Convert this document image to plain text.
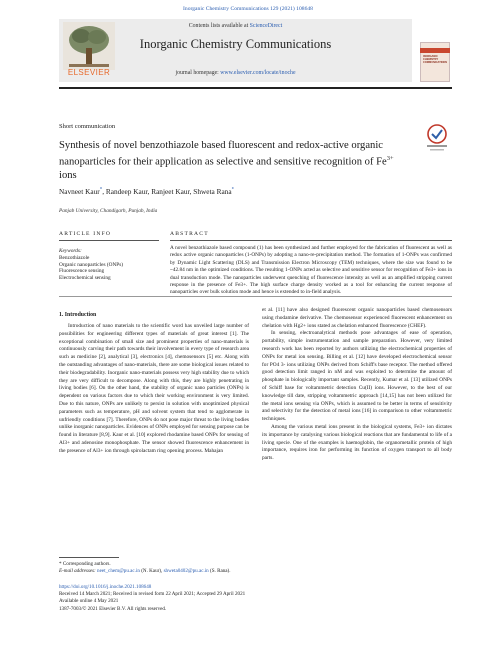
Inorganic Chemistry Communications 129 (2021) 108648
Contents lists available at ScienceDirect
Inorganic Chemistry Communications
journal homepage: www.elsevier.com/locate/inoche
ELSEVIER
INORGANIC CHEMISTRY COMMUNICATIONS
Short communication
Synthesis of novel benzothiazole based fluorescent and redox-active organic nanoparticles for their application as selective and sensitive recognition of $Fe^{3+}$ ions
Navneet Kaur*, Randeep Kaur, Ranjeet Kaur, Shweta Rana*
Panjab University, Chandigarh, Punjab, India
ARTICLE INFO	ABSTRACT
Keywords:
Benzothiazole
Organic nanoparticles (ONPs)
Fluorescence sensing
Electrochemical sensing
A novel benzothiazole based compound (1) has been synthesized and further employed for the fabrication of fluorescent as well as redox active organic nanoparticles (1-ONPs) by adopting a nano-re-precipitation method. The formation of 1-ONPs was confirmed by Dynamic Light Scattering (DLS) and Transmission Electron Microscopy (TEM) techniques, where the size was found to be ~42.84 nm in the optimized conditions. The resulting 1-ONPs acted as selective and sensitive sensor for recognition of Fe3+ ions in dual transduction mode. The nanoparticles underwent quenching of fluorescence intensity as well as an amplified stripping current response in the presence of Fe3+. The high surface charge density worked as a tool for enhancing the current response of nanoparticles over bulk solution mode and hence is extended to in-field analysis.
1. Introduction

Introduction of nano materials to the scientific word has unveiled large number of possibilities for engineering different types of materials of great interest [1]. The exceptional combination of small size and prominent properties of nano-materials is continuously carving their path towards their involvement in every type of research area such as medicine [2], analytical [3], electronics [4], chemosensors [5] etc. Along with the outstanding advantages of nano-materials, there are some biological issues related to their biodegradability. Inorganic nano-materials possess very high stability due to which they are very difficult to decompose. Along with this, they are highly penetrating in living bodies [6]. On the other hand, the stability of organic nano particles (ONPs) is dependent on various factors due to which their working environment is very limited. Due to this nature, ONPs are unlikely to persist in solution with unoptimized physical parameters such as temperature, pH and solvent system that tend to agglomerate in unfriendly conditions [7]. Therefore, ONPs do not pose major threat to the living bodies unlike inorganic nanoparticles. Evidences of ONPs employed for sensing purpose can be found in literature [8,9]. Kaur et al. [10] explored rhodamine based ONPs for sensing of Al3+ and adenosine monophosphate. The sensor showed fluorescence enhancement in the presence of Al3+ ion through spirolactam ring opening process. Mahajan

et al. [11] have also designed fluorescent organic nanoparticles based chemosensors using rhodamine derivative. The chemosensor experienced fluorescent enhancement on chelation with Hg2+ ions stated as chelation enhanced fluorescence (CHEF).

In sensing, electroanalytical methods pose advantages of ease of operation, portability, simple instrumentation and sample preparation. However, very limited research work has been reported by authors utilizing the electrochemical properties of ONPs for metal ion sensing. Billing et al. [12] have developed electrochemical sensor for PO4 3- ions utilizing ONPs derived from Schiff's base receptor. The method offered good detection limit ranged in nM and was exploited to determine the amount of phosphate in biologically important samples. Recently, Kumar et al. [13] utilized ONPs of Schiff base for voltammetric detection Cu(II) ions. However, to the best of our knowledge till date, stripping voltammetric approach [14,15] has not been utilized for the metal ions sensing via ONPs, which is assumed to be better in terms of sensitivity and selectivity for the detection of metal ions [16] in comparison to other voltammetric techniques.

Among the various metal ions present in the biological systems, Fe3+ ion dictates its importance by catalysing various biological reactions that are fundamental to life of a living specie. One of the examples is haemoglobin, the organometallic protein of high importance, requires iron for performing its function of oxygen transport to all body parts.

* Corresponding authors.
E-mail addresses: neet_chem@pu.ac.in (N. Kaur), shweta0402@pu.ac.in (S. Rana).
https://doi.org/10.1016/j.inoche.2021.108648
Received 14 March 2021; Received in revised form 22 April 2021; Accepted 29 April 2021
Available online 4 May 2021
1387-7003/© 2021 Elsevier B.V. All rights reserved.
